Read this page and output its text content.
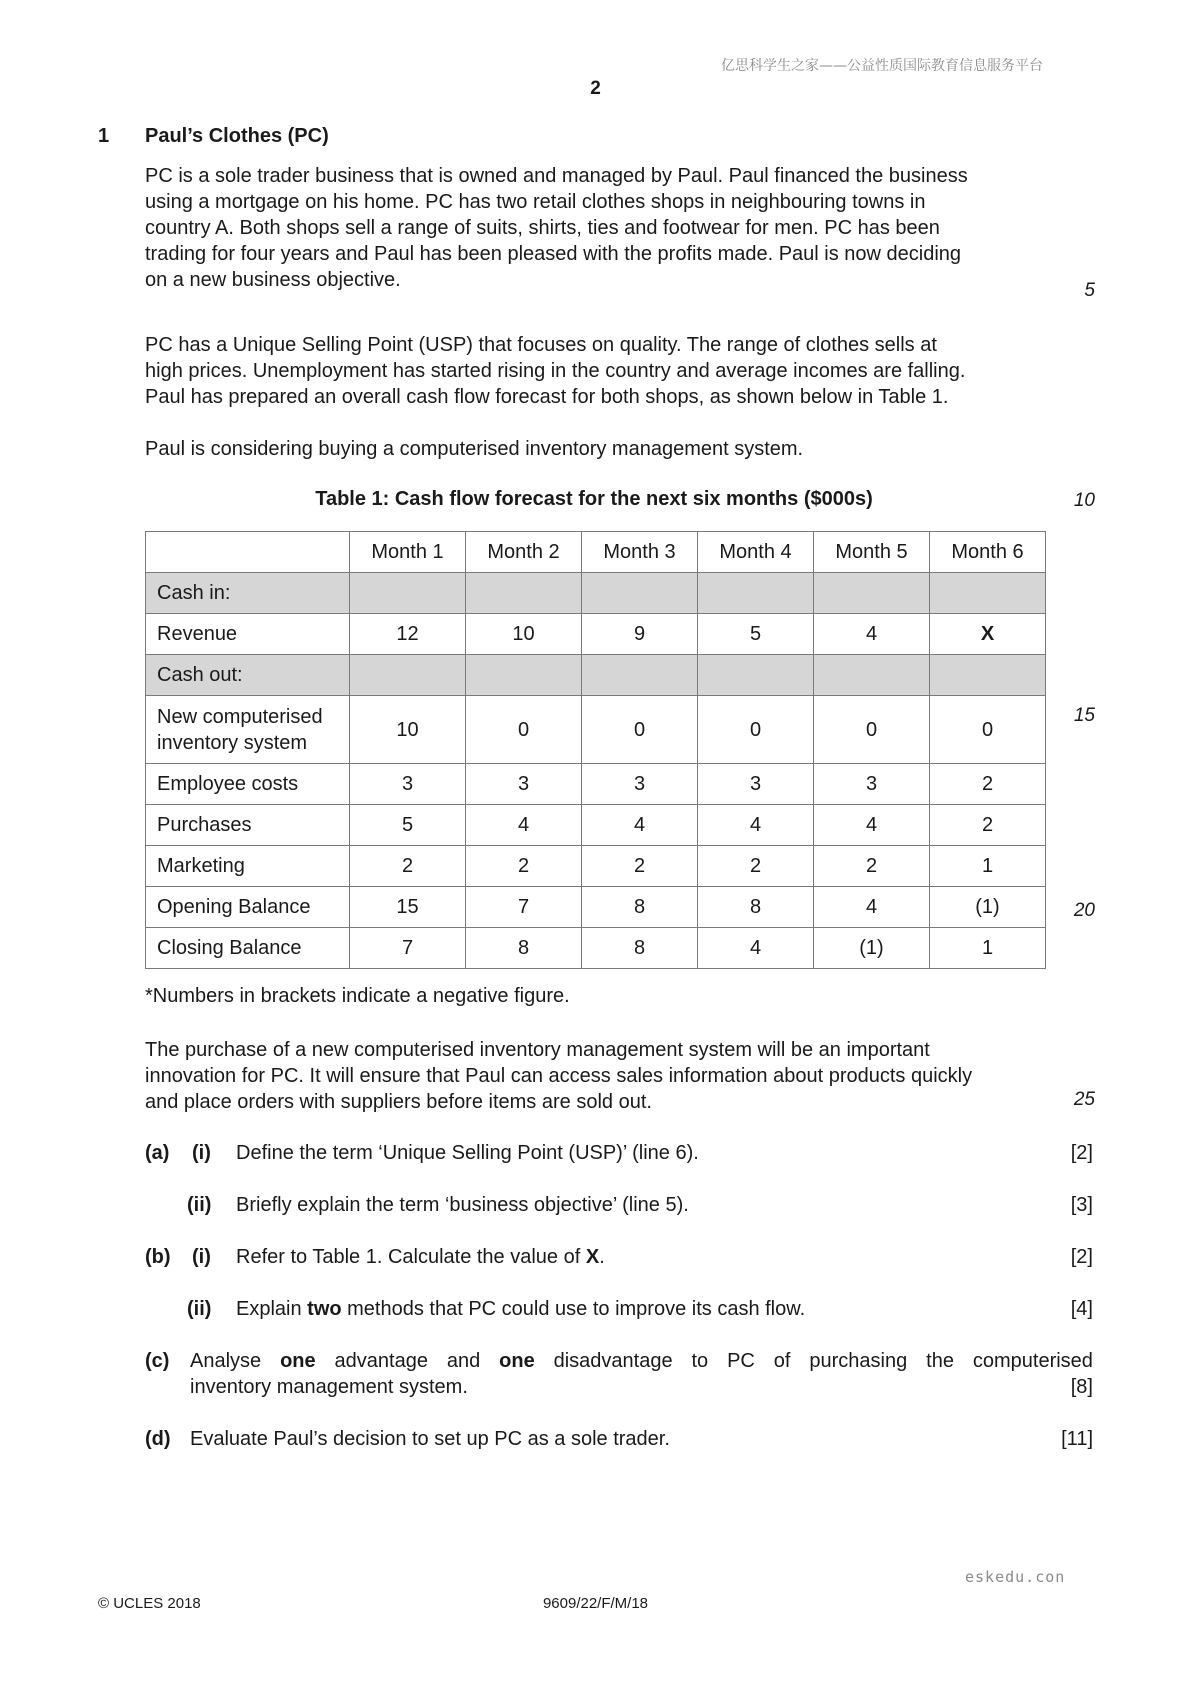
亿思科学生之家——公益性质国际教育信息服务平台
2
1 Paul’s Clothes (PC)
PC is a sole trader business that is owned and managed by Paul. Paul financed the business
using a mortgage on his home. PC has two retail clothes shops in neighbouring towns in
country A. Both shops sell a range of suits, shirts, ties and footwear for men. PC has been
trading for four years and Paul has been pleased with the profits made. Paul is now deciding
on a new business objective.	5
PC has a Unique Selling Point (USP) that focuses on quality. The range of clothes sells at
high prices. Unemployment has started rising in the country and average incomes are falling.
Paul has prepared an overall cash flow forecast for both shops, as shown below in Table 1.
Paul is considering buying a computerised inventory management system.
Table 1: Cash flow forecast for the next six months ($000s)	10
	Month 1	Month 2	Month 3	Month 4	Month 5	Month 6
Cash in:						
Revenue	12	10	9	5	4	X
Cash out:						

New computerised
inventory system	10	0	0	0	0	0
Employee costs	3	3	3	3	3	2
Purchases	5	4	4	4	4	2
Marketing	2	2	2	2	2	1
Opening Balance	15	7	8	8	4	(1)
Closing Balance	7	8	8	4	(1)	1
15
20
*Numbers in brackets indicate a negative figure.
The purchase of a new computerised inventory management system will be an important
innovation for PC. It will ensure that Paul can access sales information about products quickly
and place orders with suppliers before items are sold out.	25
(a) (i) Define the term ‘Unique Selling Point (USP)’ (line 6).	[2]
(ii) Briefly explain the term ‘business objective’ (line 5).	[3]
(b) (i) Refer to Table 1. Calculate the value of X.	[2]
(ii) Explain two methods that PC could use to improve its cash flow.	[4]
(c) Analyse one advantage and one disadvantage to PC of purchasing the computerised
inventory management system.	[8]
(d) Evaluate Paul’s decision to set up PC as a sole trader.	[11]
eskedu.con
© UCLES 2018	9609/22/F/M/18
